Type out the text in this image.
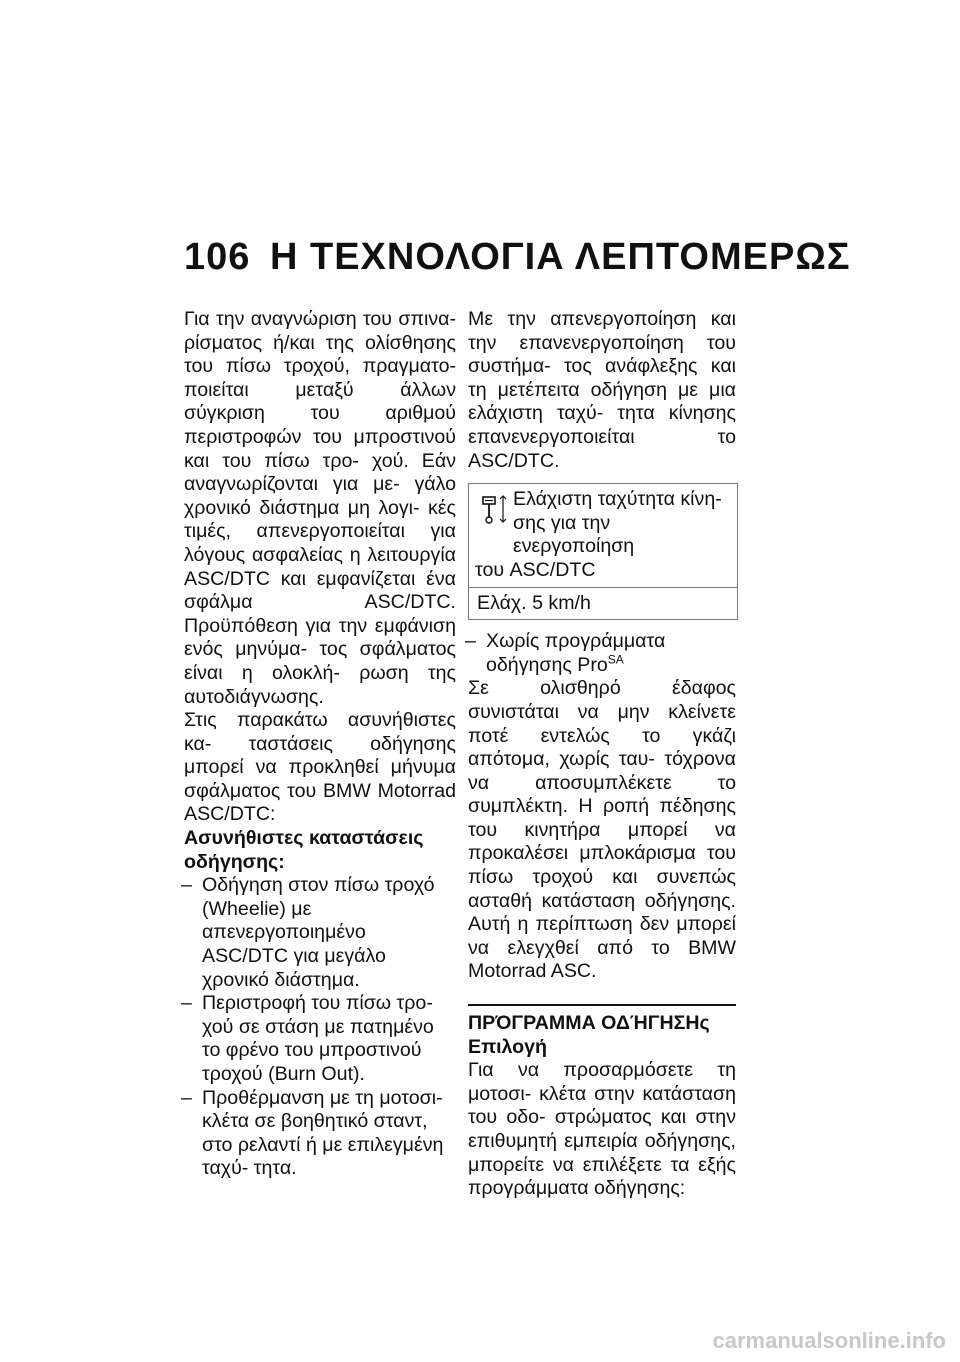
106 Η ΤΕΧΝΟΛΟΓΙΑ ΛΕΠΤΟΜΕΡΩΣ

Για την αναγνώριση του σπινα- ρίσματος ή/και της ολίσθησης του πίσω τροχού, πραγματο- ποιείται μεταξύ άλλων σύγκριση του αριθμού περιστροφών του μπροστινού και του πίσω τρο- χού. Εάν αναγνωρίζονται για με- γάλο χρονικό διάστημα μη λογι- κές τιμές, απενεργοποιείται για λόγους ασφαλείας η λειτουργία ASC/DTC και εμφανίζεται ένα σφάλμα ASC/DTC. Προϋπόθεση για την εμφάνιση ενός μηνύμα- τος σφάλματος είναι η ολοκλή- ρωση της αυτοδιάγνωσης.

Στις παρακάτω ασυνήθιστες κα- ταστάσεις οδήγησης μπορεί να προκληθεί μήνυμα σφάλματος του BMW Motorrad ASC/DTC:

Ασυνήθιστες καταστάσεις οδήγησης:

– Οδήγηση στον πίσω τροχό (Wheelie) με απενεργοποιημένο ASC/DTC για μεγάλο χρονικό διάστημα.

– Περιστροφή του πίσω τρο- χού σε στάση με πατημένο το φρένο του μπροστινού τροχού (Burn Out).

– Προθέρμανση με τη μοτοσι- κλέτα σε βοηθητικό σταντ, στο ρελαντί ή με επιλεγμένη ταχύ- τητα.

Με την απενεργοποίηση και την επανενεργοποίηση του συστήμα- τος ανάφλεξης και τη μετέπειτα οδήγηση με μια ελάχιστη ταχύ- τητα κίνησης επανενεργοποιείται το ASC/DTC.

Ελάχιστη ταχύτητα κίνη- σης για την ενεργοποίηση
του ASC/DTC
Ελάχ. 5 km/h

– Χωρίς προγράμματα οδήγησης Pro$^{SA}$

Σε ολισθηρό έδαφος συνιστάται να μην κλείνετε ποτέ εντελώς το γκάζι απότομα, χωρίς ταυ- τόχρονα να αποσυμπλέκετε το συμπλέκτη. Η ροπή πέδησης του κινητήρα μπορεί να προκαλέσει μπλοκάρισμα του πίσω τροχού και συνεπώς ασταθή κατάσταση οδήγησης. Αυτή η περίπτωση δεν μπορεί να ελεγχθεί από το BMW Motorrad ASC.

ΠΡΌΓΡΑΜΜΑ ΟΔΉΓΗΣΗς

Επιλογή

Για να προσαρμόσετε τη μοτοσι- κλέτα στην κατάσταση του οδο- στρώματος και στην επιθυμητή εμπειρία οδήγησης, μπορείτε να επιλέξετε τα εξής προγράμματα οδήγησης:

carmanualsonline.info
